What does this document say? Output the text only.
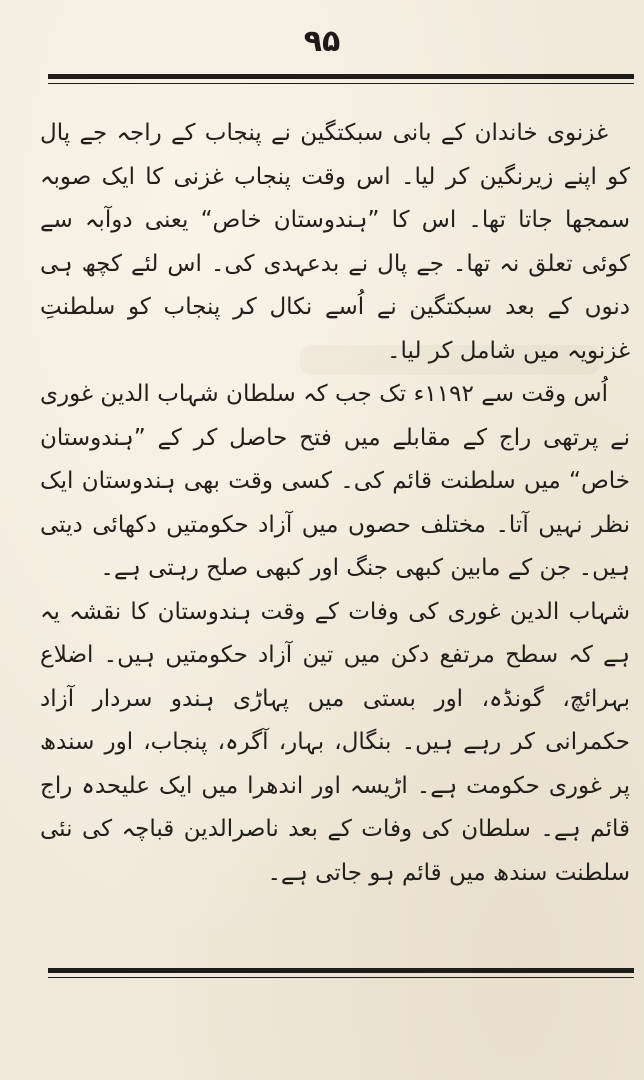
۹۵

غزنوی خاندان کے بانی سبکتگین نے پنجاب کے راجہ جے پال کو اپنے زیرنگین کر لیا۔ اس وقت پنجاب غزنی کا ایک صوبہ سمجھا جاتا تھا۔ اس کا ”ہندوستان خاص“ یعنی دوآبہ سے کوئی تعلق نہ تھا۔ جے پال نے بدعہدی کی۔ اس لئے کچھ ہی دنوں کے بعد سبکتگین نے اُسے نکال کر پنجاب کو سلطنتِ غزنویہ میں شامل کر لیا۔

اُس وقت سے ۱۱۹۲ء تک جب کہ سلطان شہاب الدین غوری نے پرتھی راج کے مقابلے میں فتح حاصل کر کے ”ہندوستان خاص“ میں سلطنت قائم کی۔ کسی وقت بھی ہندوستان ایک نظر نہیں آتا۔ مختلف حصوں میں آزاد حکومتیں دکھائی دیتی ہیں۔ جن کے مابین کبھی جنگ اور کبھی صلح رہتی ہے۔

شہاب الدین غوری کی وفات کے وقت ہندوستان کا نقشہ یہ ہے کہ سطح مرتفع دکن میں تین آزاد حکومتیں ہیں۔ اضلاع بہرائچ، گونڈہ، اور بستی میں پہاڑی ہندو سردار آزاد حکمرانی کر رہے ہیں۔ بنگال، بہار، آگرہ، پنجاب، اور سندھ پر غوری حکومت ہے۔ اڑیسہ اور اندھرا میں ایک علیحدہ راج قائم ہے۔ سلطان کی وفات کے بعد ناصرالدین قباچہ کی نئی سلطنت سندھ میں قائم ہو جاتی ہے۔
